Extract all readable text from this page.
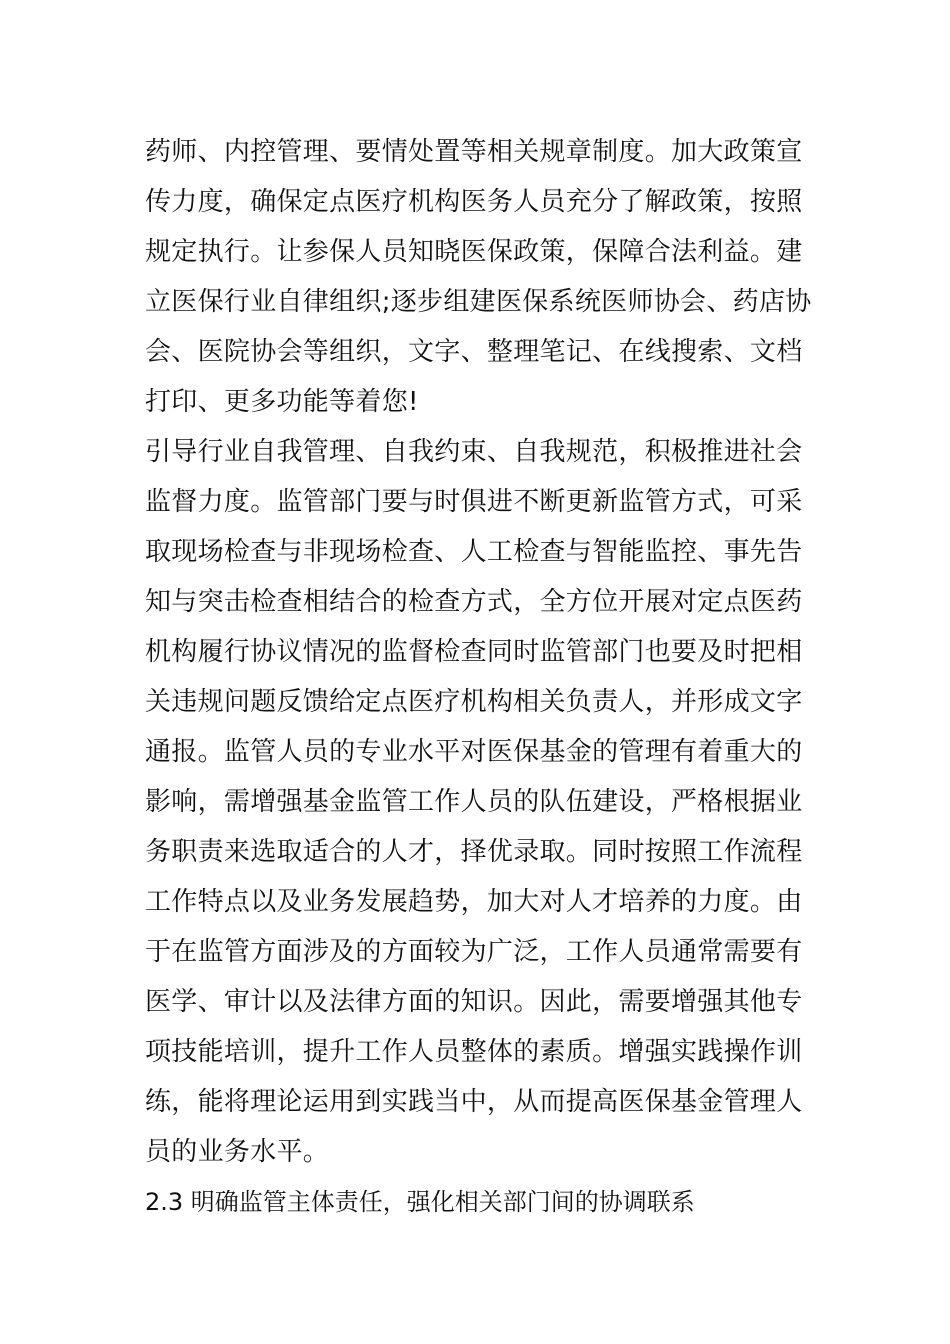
药师、内控管理、要情处置等相关规章制度。加大政策宣
传力度，确保定点医疗机构医务人员充分了解政策，按照
规定执行。让参保人员知晓医保政策，保障合法利益。建
立医保行业自律组织;逐步组建医保系统医师协会、药店协
会、医院协会等组织，文字、整理笔记、在线搜索、文档
打印、更多功能等着您!
引导行业自我管理、自我约束、自我规范，积极推进社会
监督力度。监管部门要与时俱进不断更新监管方式，可采
取现场检查与非现场检查、人工检查与智能监控、事先告
知与突击检查相结合的检查方式，全方位开展对定点医药
机构履行协议情况的监督检查同时监管部门也要及时把相
关违规问题反馈给定点医疗机构相关负责人，并形成文字
通报。监管人员的专业水平对医保基金的管理有着重大的
影响，需增强基金监管工作人员的队伍建设，严格根据业
务职责来选取适合的人才，择优录取。同时按照工作流程
工作特点以及业务发展趋势，加大对人才培养的力度。由
于在监管方面涉及的方面较为广泛，工作人员通常需要有
医学、审计以及法律方面的知识。因此，需要增强其他专
项技能培训，提升工作人员整体的素质。增强实践操作训
练，能将理论运用到实践当中，从而提高医保基金管理人
员的业务水平。
2.3 明确监管主体责任，强化相关部门间的协调联系
